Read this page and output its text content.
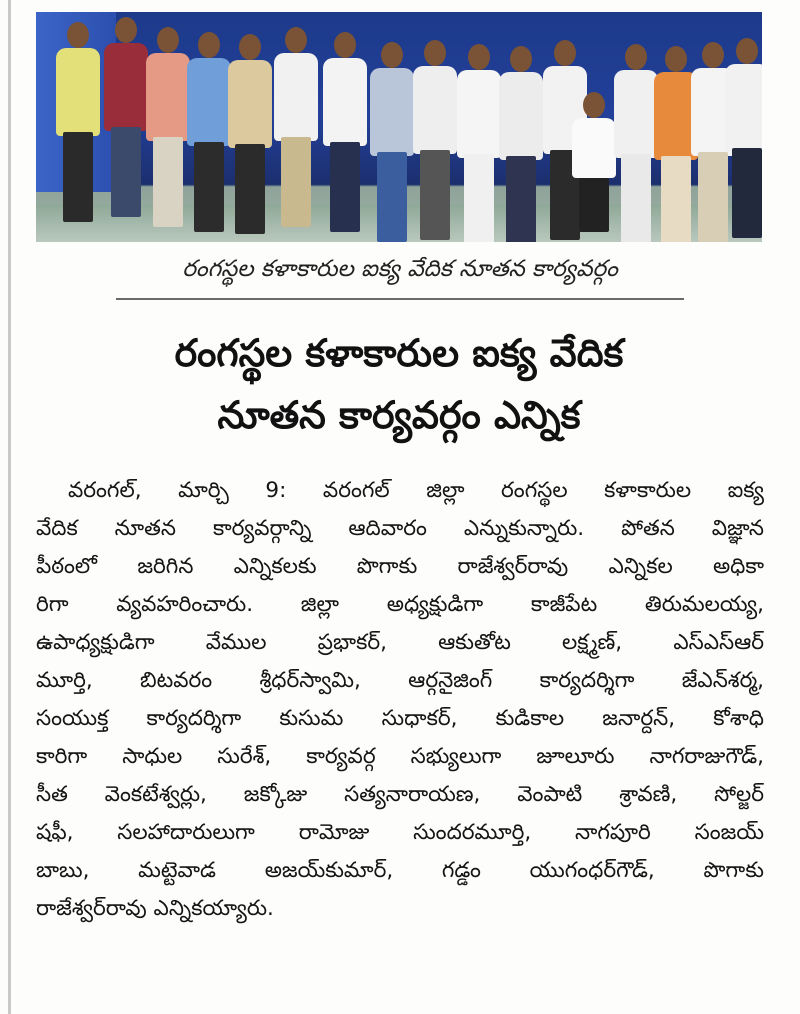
రంగస్థల కళాకారుల ఐక్య వేదిక నూతన కార్యవర్గం
రంగస్థల కళాకారుల ఐక్య వేదిక
నూతన కార్యవర్గం ఎన్నిక
వరంగల్, మార్చి 9: వరంగల్ జిల్లా రంగస్థల కళాకారుల ఐక్య
వేదిక నూతన కార్యవర్గాన్ని ఆదివారం ఎన్నుకున్నారు. పోతన విజ్ఞాన
పీఠంలో జరిగిన ఎన్నికలకు పొగాకు రాజేశ్వర్‌రావు ఎన్నికల అధికా
రిగా వ్యవహరించారు. జిల్లా అధ్యక్షుడిగా కాజీపేట తిరుమలయ్య,
ఉపాధ్యక్షుడిగా వేముల ప్రభాకర్, ఆకుతోట లక్ష్మణ్, ఎస్ఎస్ఆర్
మూర్తి, బిటవరం శ్రీధర్‌స్వామి, ఆర్గనైజింగ్ కార్యదర్శిగా జేఎన్‌శర్మ,
సంయుక్త కార్యదర్శిగా కుసుమ సుధాకర్, కుడికాల జనార్దన్, కోశాధి
కారిగా సాధుల సురేశ్, కార్యవర్గ సభ్యులుగా జూలూరు నాగరాజుగౌడ్,
సీత వెంకటేశ్వర్లు, జక్కోజు సత్యనారాయణ, వెంపాటి శ్రావణి, సోల్జర్
షఫీ, సలహాదారులుగా రామోజు సుందరమూర్తి, నాగపూరి సంజయ్
బాబు, మట్టెవాడ అజయ్‌కుమార్, గడ్డం యుగంధర్‌గౌడ్, పొగాకు
రాజేశ్వర్‌రావు ఎన్నికయ్యారు.
